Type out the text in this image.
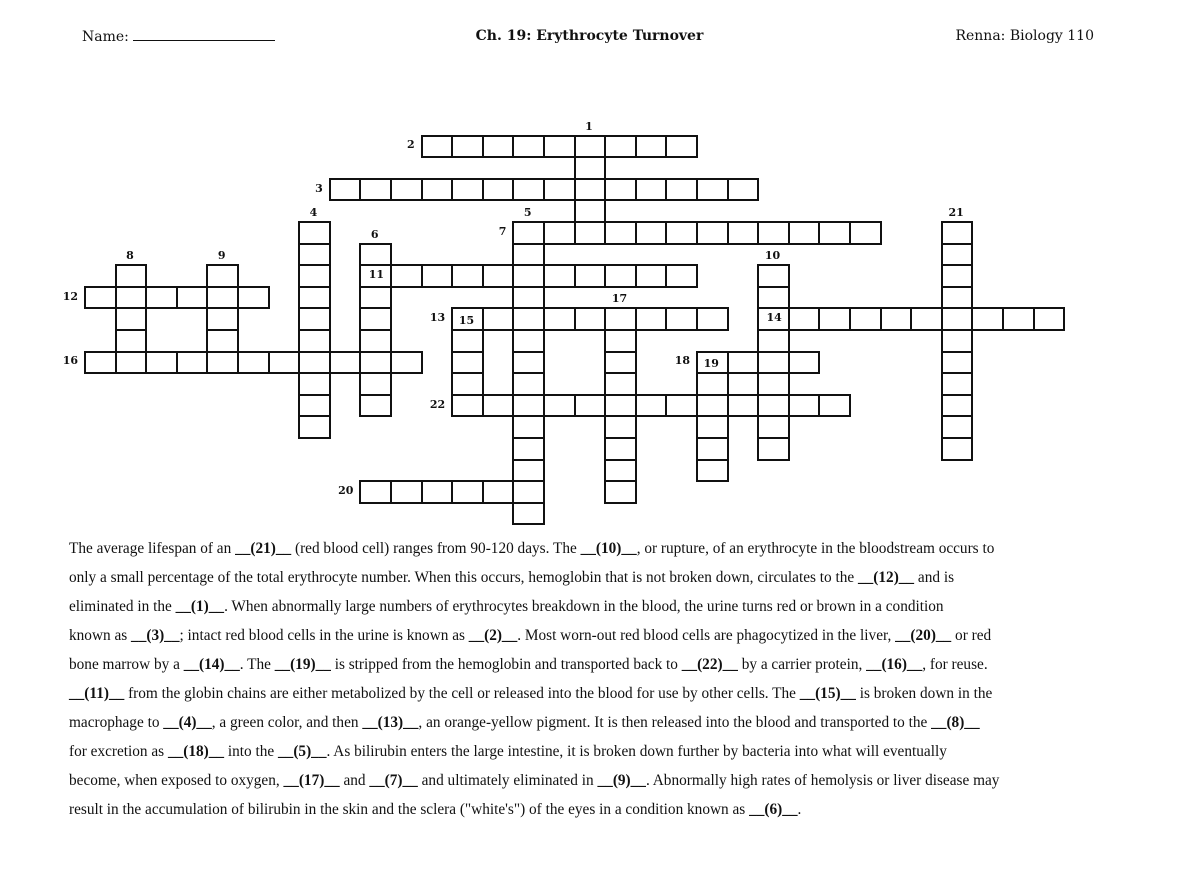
Name:	Ch. 19: Erythrocyte Turnover	Renna: Biology 110
1
4	5
6
8	9	10
21
17
15
19
2
3
7
11
12
13	14
16	18
22
20
The average lifespan of an __(21)__ (red blood cell) ranges from 90-120 days. The __(10)__, or rupture, of an erythrocyte in the bloodstream occurs to
only a small percentage of the total erythrocyte number. When this occurs, hemoglobin that is not broken down, circulates to the __(12)__ and is
eliminated in the __(1)__. When abnormally large numbers of erythrocytes breakdown in the blood, the urine turns red or brown in a condition
known as __(3)__; intact red blood cells in the urine is known as __(2)__. Most worn-out red blood cells are phagocytized in the liver, __(20)__ or red
bone marrow by a __(14)__. The __(19)__ is stripped from the hemoglobin and transported back to __(22)__ by a carrier protein, __(16)__, for reuse.
__(11)__ from the globin chains are either metabolized by the cell or released into the blood for use by other cells. The __(15)__ is broken down in the
macrophage to __(4)__, a green color, and then __(13)__, an orange-yellow pigment. It is then released into the blood and transported to the __(8)__
for excretion as __(18)__ into the __(5)__. As bilirubin enters the large intestine, it is broken down further by bacteria into what will eventually
become, when exposed to oxygen, __(17)__ and __(7)__ and ultimately eliminated in __(9)__. Abnormally high rates of hemolysis or liver disease may
result in the accumulation of bilirubin in the skin and the sclera ("white's") of the eyes in a condition known as __(6)__.
